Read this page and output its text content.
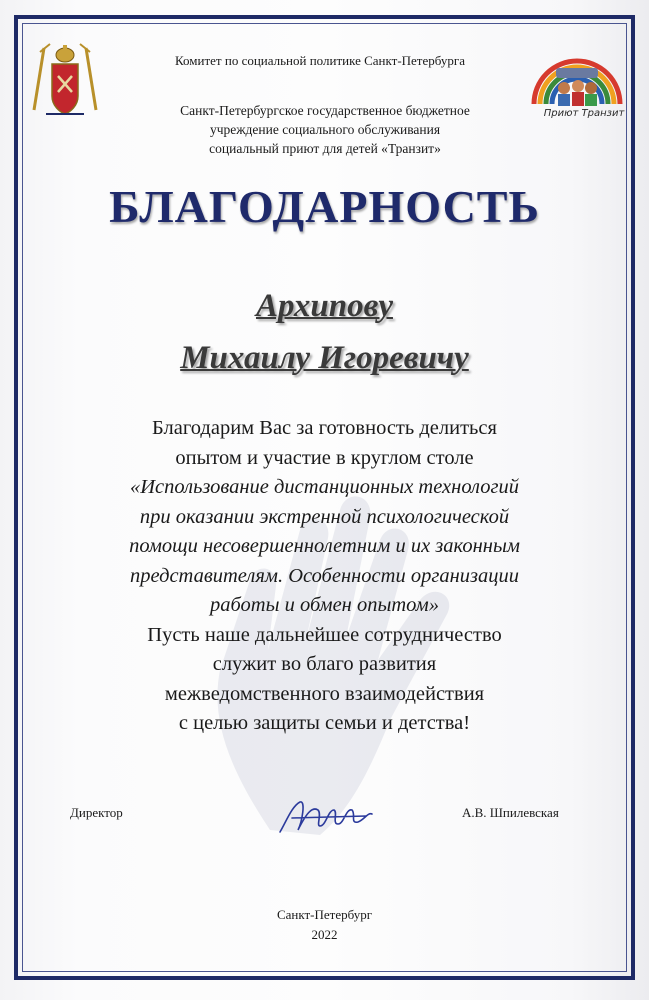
Комитет по социальной политике Санкт-Петербурга
Санкт-Петербургское государственное бюджетное
учреждение социального обслуживания
социальный приют для детей «Транзит»
Приют Транзит
БЛАГОДАРНОСТЬ
Архипову
Михаилу Игоревичу
Благодарим Вас за готовность делиться
опытом и участие в круглом столе
«Использование дистанционных технологий
при оказании экстренной психологической
помощи несовершеннолетним и их законным
представителям. Особенности организации
работы и обмен опытом»
Пусть наше дальнейшее сотрудничество
служит во благо развития
межведомственного взаимодействия
с целью защиты семьи и детства!
Директор	А.В. Шпилевская
Санкт-Петербург
2022
